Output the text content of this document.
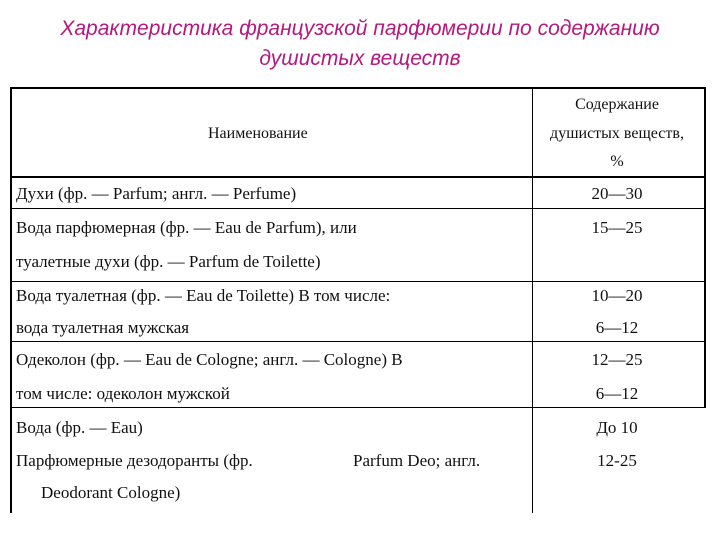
Характеристика французской парфюмерии по содержанию
душистых веществ
Наименование
Содержание
душистых веществ,
%
Духи (фр. — Parfum; англ. — Perfume)	20—30
Вода парфюмерная (фр. — Eau de Parfum), или
туалетные духи (фр. — Parfum de Toilette)
15—25
Вода туалетная (фр. — Eau de Toilette) В том числе:
вода туалетная мужская
10—20
6—12
Одеколон (фр. — Eau de Cologne; англ. — Cologne) В
том числе: одеколон мужской
12—25
6—12
Вода (фр. — Eau)
Парфюмерные дезодоранты (фр.	Parfum Deo; англ.
Deodorant Cologne)
До 10
12-25
